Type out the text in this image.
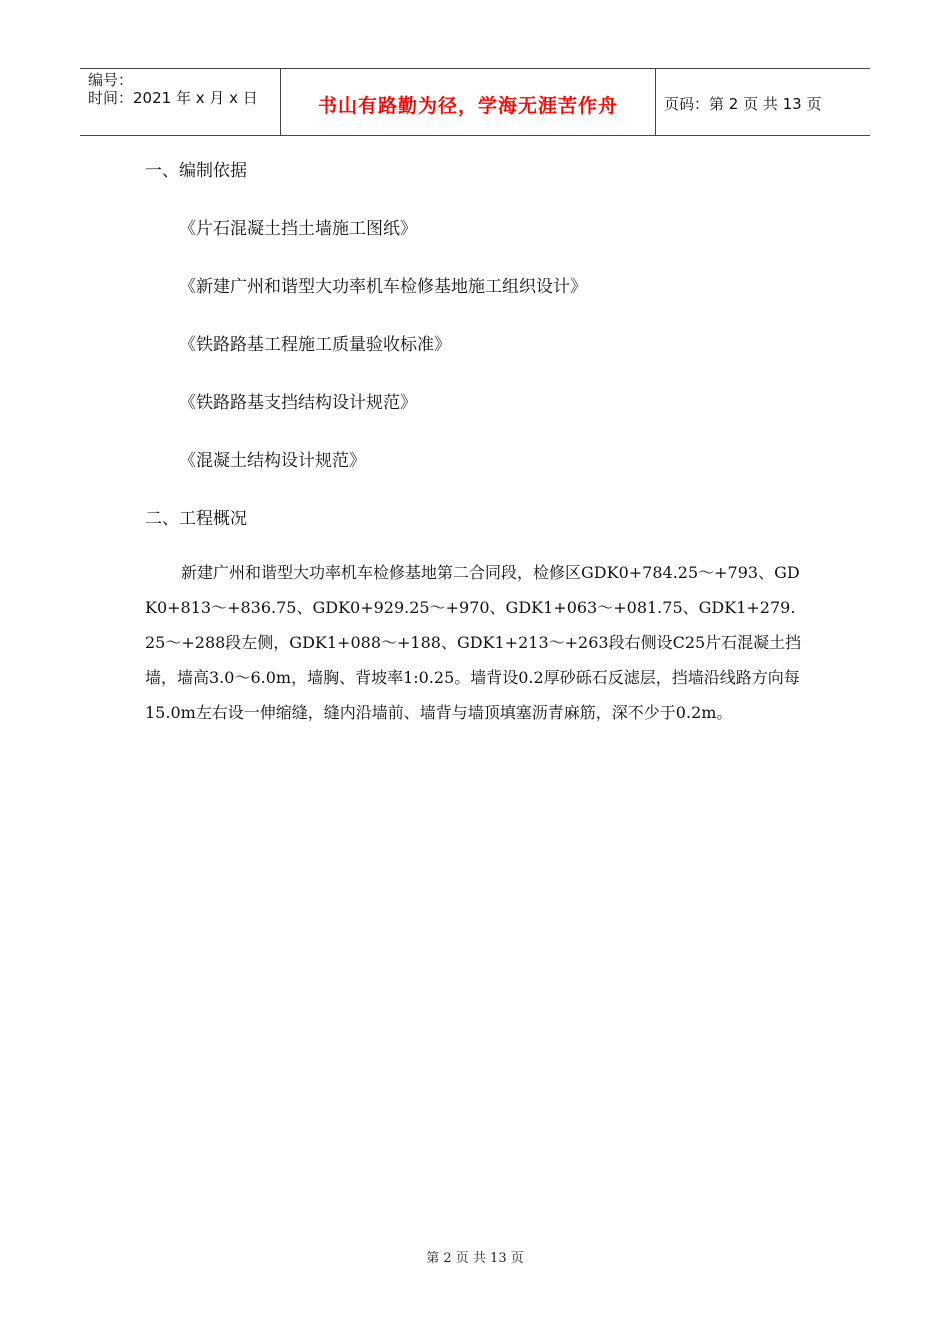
编号：
时间：2021 年 x 月 x 日	书山有路勤为径，学海无涯苦作舟	页码：第 2 页 共 13 页

一、编制依据

《片石混凝土挡土墙施工图纸》

《新建广州和谐型大功率机车检修基地施工组织设计》

《铁路路基工程施工质量验收标准》

《铁路路基支挡结构设计规范》

《混凝土结构设计规范》

二、工程概况

新建广州和谐型大功率机车检修基地第二合同段，检修区GDK0+784.25～+793、GDK0+813～+836.75、GDK0+929.25～+970、GDK1+063～+081.75、GDK1+279.25～+288段左侧，GDK1+088～+188、GDK1+213～+263段右侧设C25片石混凝土挡墙，墙高3.0～6.0m，墙胸、背坡率1:0.25。墙背设0.2厚砂砾石反滤层，挡墙沿线路方向每15.0m左右设一伸缩缝，缝内沿墙前、墙背与墙顶填塞沥青麻筋，深不少于0.2m。

第 2 页 共 13 页
